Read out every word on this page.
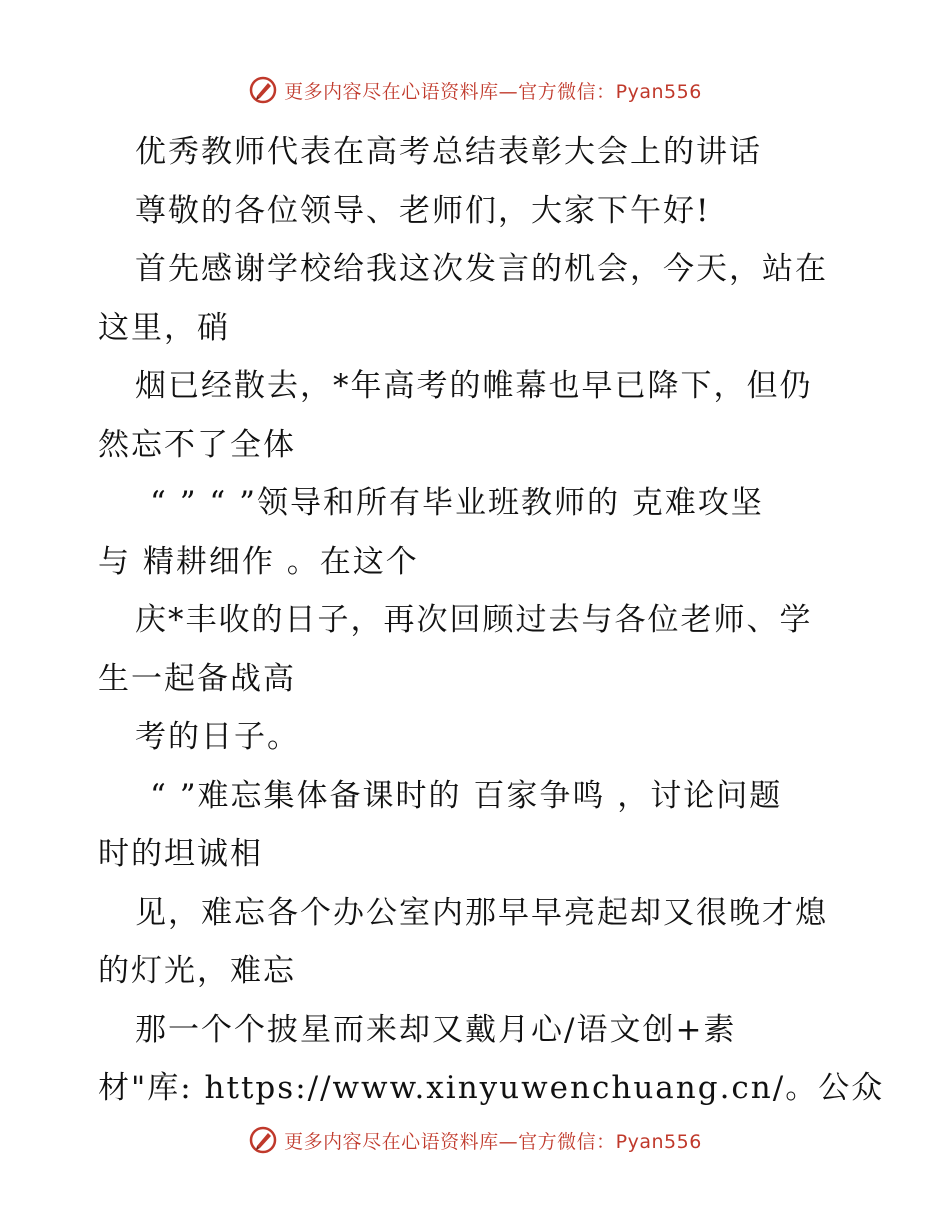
更多内容尽在心语资料库—官方微信：Pyan556
优秀教师代表在高考总结表彰大会上的讲话
尊敬的各位领导、老师们，大家下午好!
首先感谢学校给我这次发言的机会，今天，站在
这里，硝
烟已经散去，*年高考的帷幕也早已降下，但仍
然忘不了全体
“ ” “ ”领导和所有毕业班教师的 克难攻坚
与 精耕细作 。在这个
庆*丰收的日子，再次回顾过去与各位老师、学
生一起备战高
考的日子。
“ ”难忘集体备课时的 百家争鸣 ，讨论问题
时的坦诚相
见，难忘各个办公室内那早早亮起却又很晚才熄
的灯光，难忘
那一个个披星而来却又戴月心/语文创+素
材"库: https://www.xinyuwenchuang.cn/。公众
更多内容尽在心语资料库—官方微信：Pyan556
